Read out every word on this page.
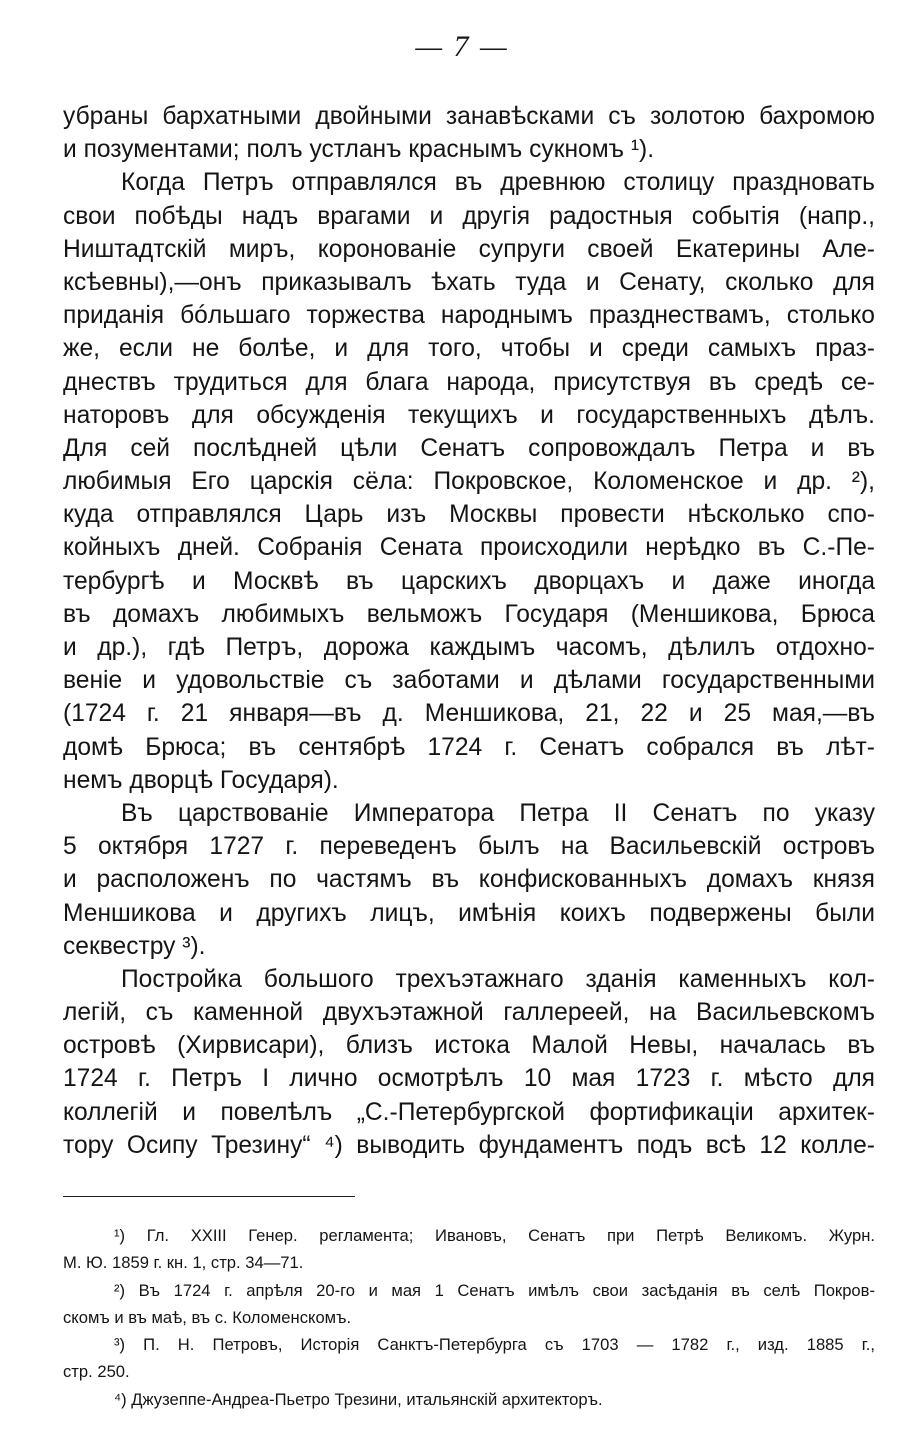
— 7 —
убраны бархатными двойными занавѣсками съ золотою бахромою
и позументами; полъ устланъ краснымъ сукномъ ¹).
Когда Петръ отправлялся въ древнюю столицу праздновать
свои побѣды надъ врагами и другія радостныя событія (напр.,
Ништадтскій миръ, коронованіе супруги своей Екатерины Але-
ксѣевны),—онъ приказывалъ ѣхать туда и Сенату, сколько для
приданія бóльшаго торжества народнымъ празднествамъ, столько
же, если не болѣе, и для того, чтобы и среди самыхъ праз-
днествъ трудиться для блага народа, присутствуя въ средѣ се-
наторовъ для обсужденія текущихъ и государственныхъ дѣлъ.
Для сей послѣдней цѣли Сенатъ сопровождалъ Петра и въ
любимыя Его царскія сёла: Покровское, Коломенское и др. ²),
куда отправлялся Царь изъ Москвы провести нѣсколько спо-
койныхъ дней. Собранія Сената происходили нерѣдко въ С.-Пе-
тербургѣ и Москвѣ въ царскихъ дворцахъ и даже иногда
въ домахъ любимыхъ вельможъ Государя (Меншикова, Брюса
и др.), гдѣ Петръ, дорожа каждымъ часомъ, дѣлилъ отдохно-
веніе и удовольствіе съ заботами и дѣлами государственными
(1724 г. 21 января—въ д. Меншикова, 21, 22 и 25 мая,—въ
домѣ Брюса; въ сентябрѣ 1724 г. Сенатъ собрался въ лѣт-
немъ дворцѣ Государя).
Въ царствованіе Императора Петра II Сенатъ по указу
5 октября 1727 г. переведенъ былъ на Васильевскій островъ
и расположенъ по частямъ въ конфискованныхъ домахъ князя
Меншикова и другихъ лицъ, имѣнія коихъ подвержены были
секвестру ³).
Постройка большого трехъэтажнаго зданія каменныхъ кол-
легій, съ каменной двухъэтажной галлереей, на Васильевскомъ
островѣ (Хирвисари), близъ истока Малой Невы, началась въ
1724 г. Петръ I лично осмотрѣлъ 10 мая 1723 г. мѣсто для
коллегій и повелѣлъ „С.-Петербургской фортификаціи архитек-
тору Осипу Трезину“ ⁴) выводить фундаментъ подъ всѣ 12 колле-
¹) Гл. XXIII Генер. регламента; Ивановъ, Сенатъ при Петрѣ Великомъ. Журн.
М. Ю. 1859 г. кн. 1, стр. 34—71.
²) Въ 1724 г. апрѣля 20-го и мая 1 Сенатъ имѣлъ свои засѣданія въ селѣ Покров-
скомъ и въ маѣ, въ с. Коломенскомъ.
³) П. Н. Петровъ, Исторія Санктъ-Петербурга съ 1703 — 1782 г., изд. 1885 г.,
стр. 250.
⁴) Джузеппе-Андреа-Пьетро Трезини, итальянскій архитекторъ.
